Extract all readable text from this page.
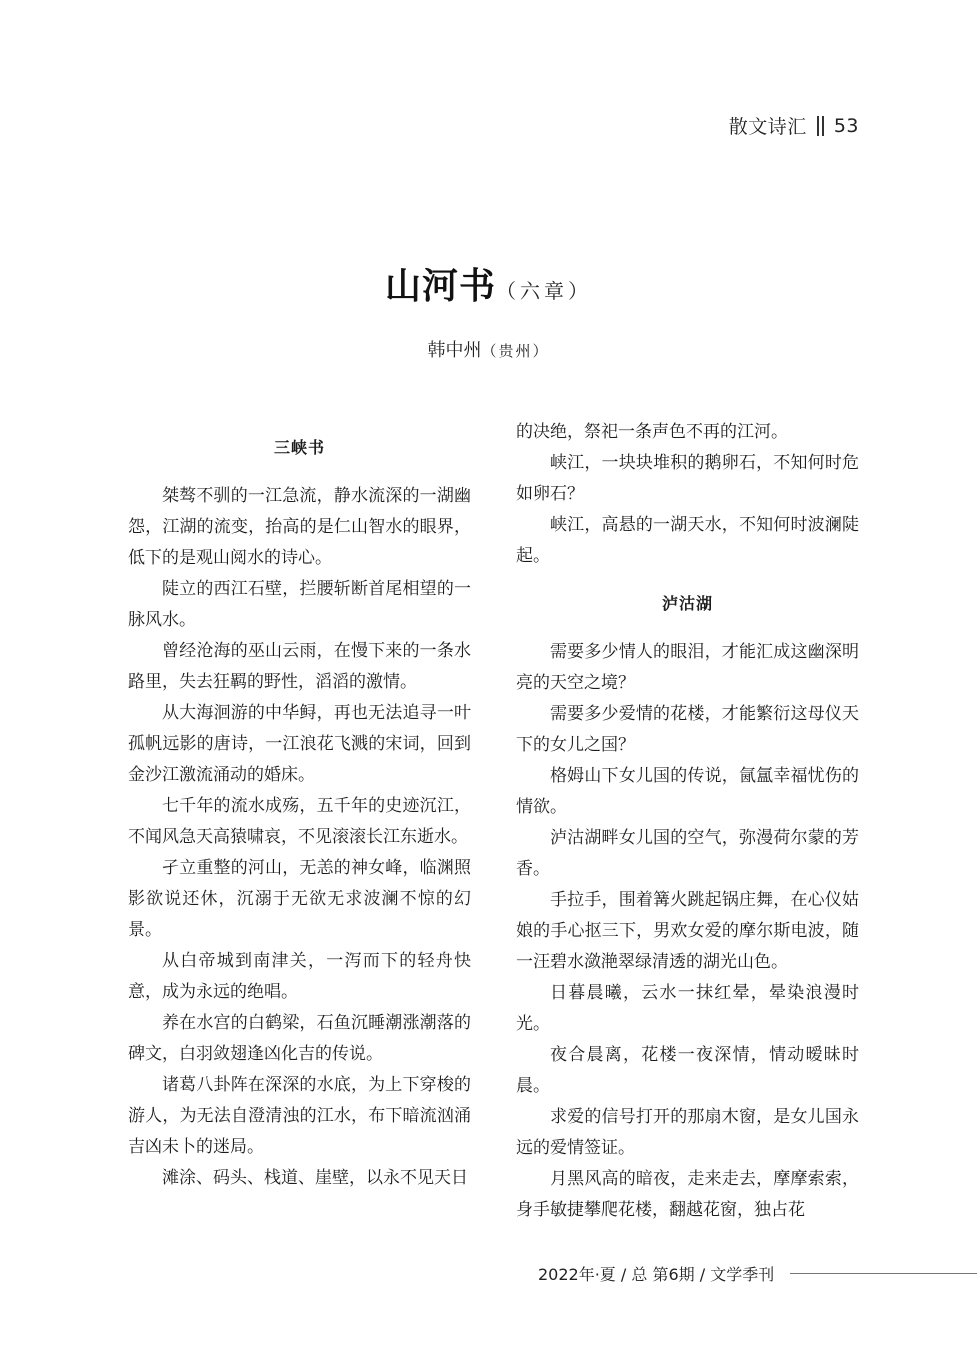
散文诗汇 53
山河书（六章）
韩中州（贵州）
三峡书

桀骜不驯的一江急流，静水流深的一湖幽怨，江湖的流变，抬高的是仁山智水的眼界，低下的是观山阅水的诗心。

陡立的西江石壁，拦腰斩断首尾相望的一脉风水。

曾经沧海的巫山云雨，在慢下来的一条水路里，失去狂羁的野性，滔滔的激情。

从大海洄游的中华鲟，再也无法追寻一叶孤帆远影的唐诗，一江浪花飞溅的宋词，回到金沙江激流涌动的婚床。

七千年的流水成殇，五千年的史迹沉江，不闻风急天高猿啸哀，不见滚滚长江东逝水。

孑立重整的河山，无恙的神女峰，临渊照影欲说还休，沉溺于无欲无求波澜不惊的幻景。

从白帝城到南津关，一泻而下的轻舟快意，成为永远的绝唱。

养在水宫的白鹤梁，石鱼沉睡潮涨潮落的碑文，白羽敛翅逢凶化吉的传说。

诸葛八卦阵在深深的水底，为上下穿梭的游人，为无法自澄清浊的江水，布下暗流汹涌吉凶未卜的迷局。

滩涂、码头、栈道、崖壁，以永不见天日

的决绝，祭祀一条声色不再的江河。

峡江，一块块堆积的鹅卵石，不知何时危如卵石？

峡江，高悬的一湖天水，不知何时波澜陡起。

泸沽湖

需要多少情人的眼泪，才能汇成这幽深明亮的天空之境？

需要多少爱情的花楼，才能繁衍这母仪天下的女儿之国？

格姆山下女儿国的传说，氤氲幸福忧伤的情欲。

泸沽湖畔女儿国的空气，弥漫荷尔蒙的芳香。

手拉手，围着篝火跳起锅庄舞，在心仪姑娘的手心抠三下，男欢女爱的摩尔斯电波，随一汪碧水潋滟翠绿清透的湖光山色。

日暮晨曦，云水一抹红晕，晕染浪漫时光。

夜合晨离，花楼一夜深情，情动暧昧时晨。

求爱的信号打开的那扇木窗，是女儿国永远的爱情签证。

月黑风高的暗夜，走来走去，摩摩索索，身手敏捷攀爬花楼，翻越花窗，独占花

2022年·夏 / 总 第6期 / 文学季刊
